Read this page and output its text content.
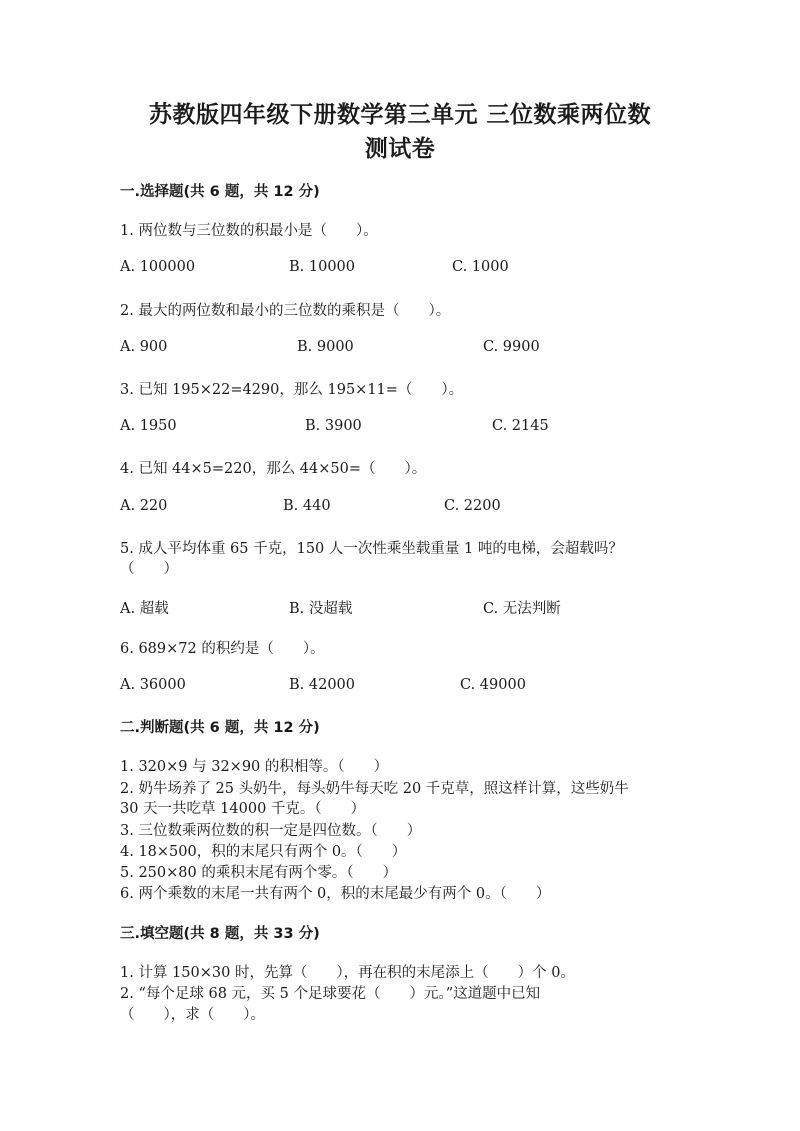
苏教版四年级下册数学第三单元 三位数乘两位数
测试卷
一.选择题(共 6 题，共 12 分)
1. 两位数与三位数的积最小是（　　）。
A. 100000	B. 10000	C. 1000
2. 最大的两位数和最小的三位数的乘积是（　　）。
A. 900	B. 9000	C. 9900
3. 已知 195×22=4290，那么 195×11=（　　）。
A. 1950	B. 3900	C. 2145
4. 已知 44×5=220，那么 44×50=（　　）。
A. 220	B. 440	C. 2200
5. 成人平均体重 65 千克，150 人一次性乘坐载重量 1 吨的电梯，会超载吗？
（　　）
A. 超载	B. 没超载	C. 无法判断
6. 689×72 的积约是（　　）。
A. 36000	B. 42000	C. 49000
二.判断题(共 6 题，共 12 分)
1. 320×9 与 32×90 的积相等。（　　）
2. 奶牛场养了 25 头奶牛，每头奶牛每天吃 20 千克草，照这样计算，这些奶牛
30 天一共吃草 14000 千克。（　　）
3. 三位数乘两位数的积一定是四位数。（　　）
4. 18×500，积的末尾只有两个 0。（　　）
5. 250×80 的乘积末尾有两个零。（　　）
6. 两个乘数的末尾一共有两个 0，积的末尾最少有两个 0。（　　）
三.填空题(共 8 题，共 33 分)
1. 计算 150×30 时，先算（　　），再在积的末尾添上（　　）个 0。
2. “每个足球 68 元，买 5 个足球要花（　　）元。”这道题中已知
（　　），求（　　）。
